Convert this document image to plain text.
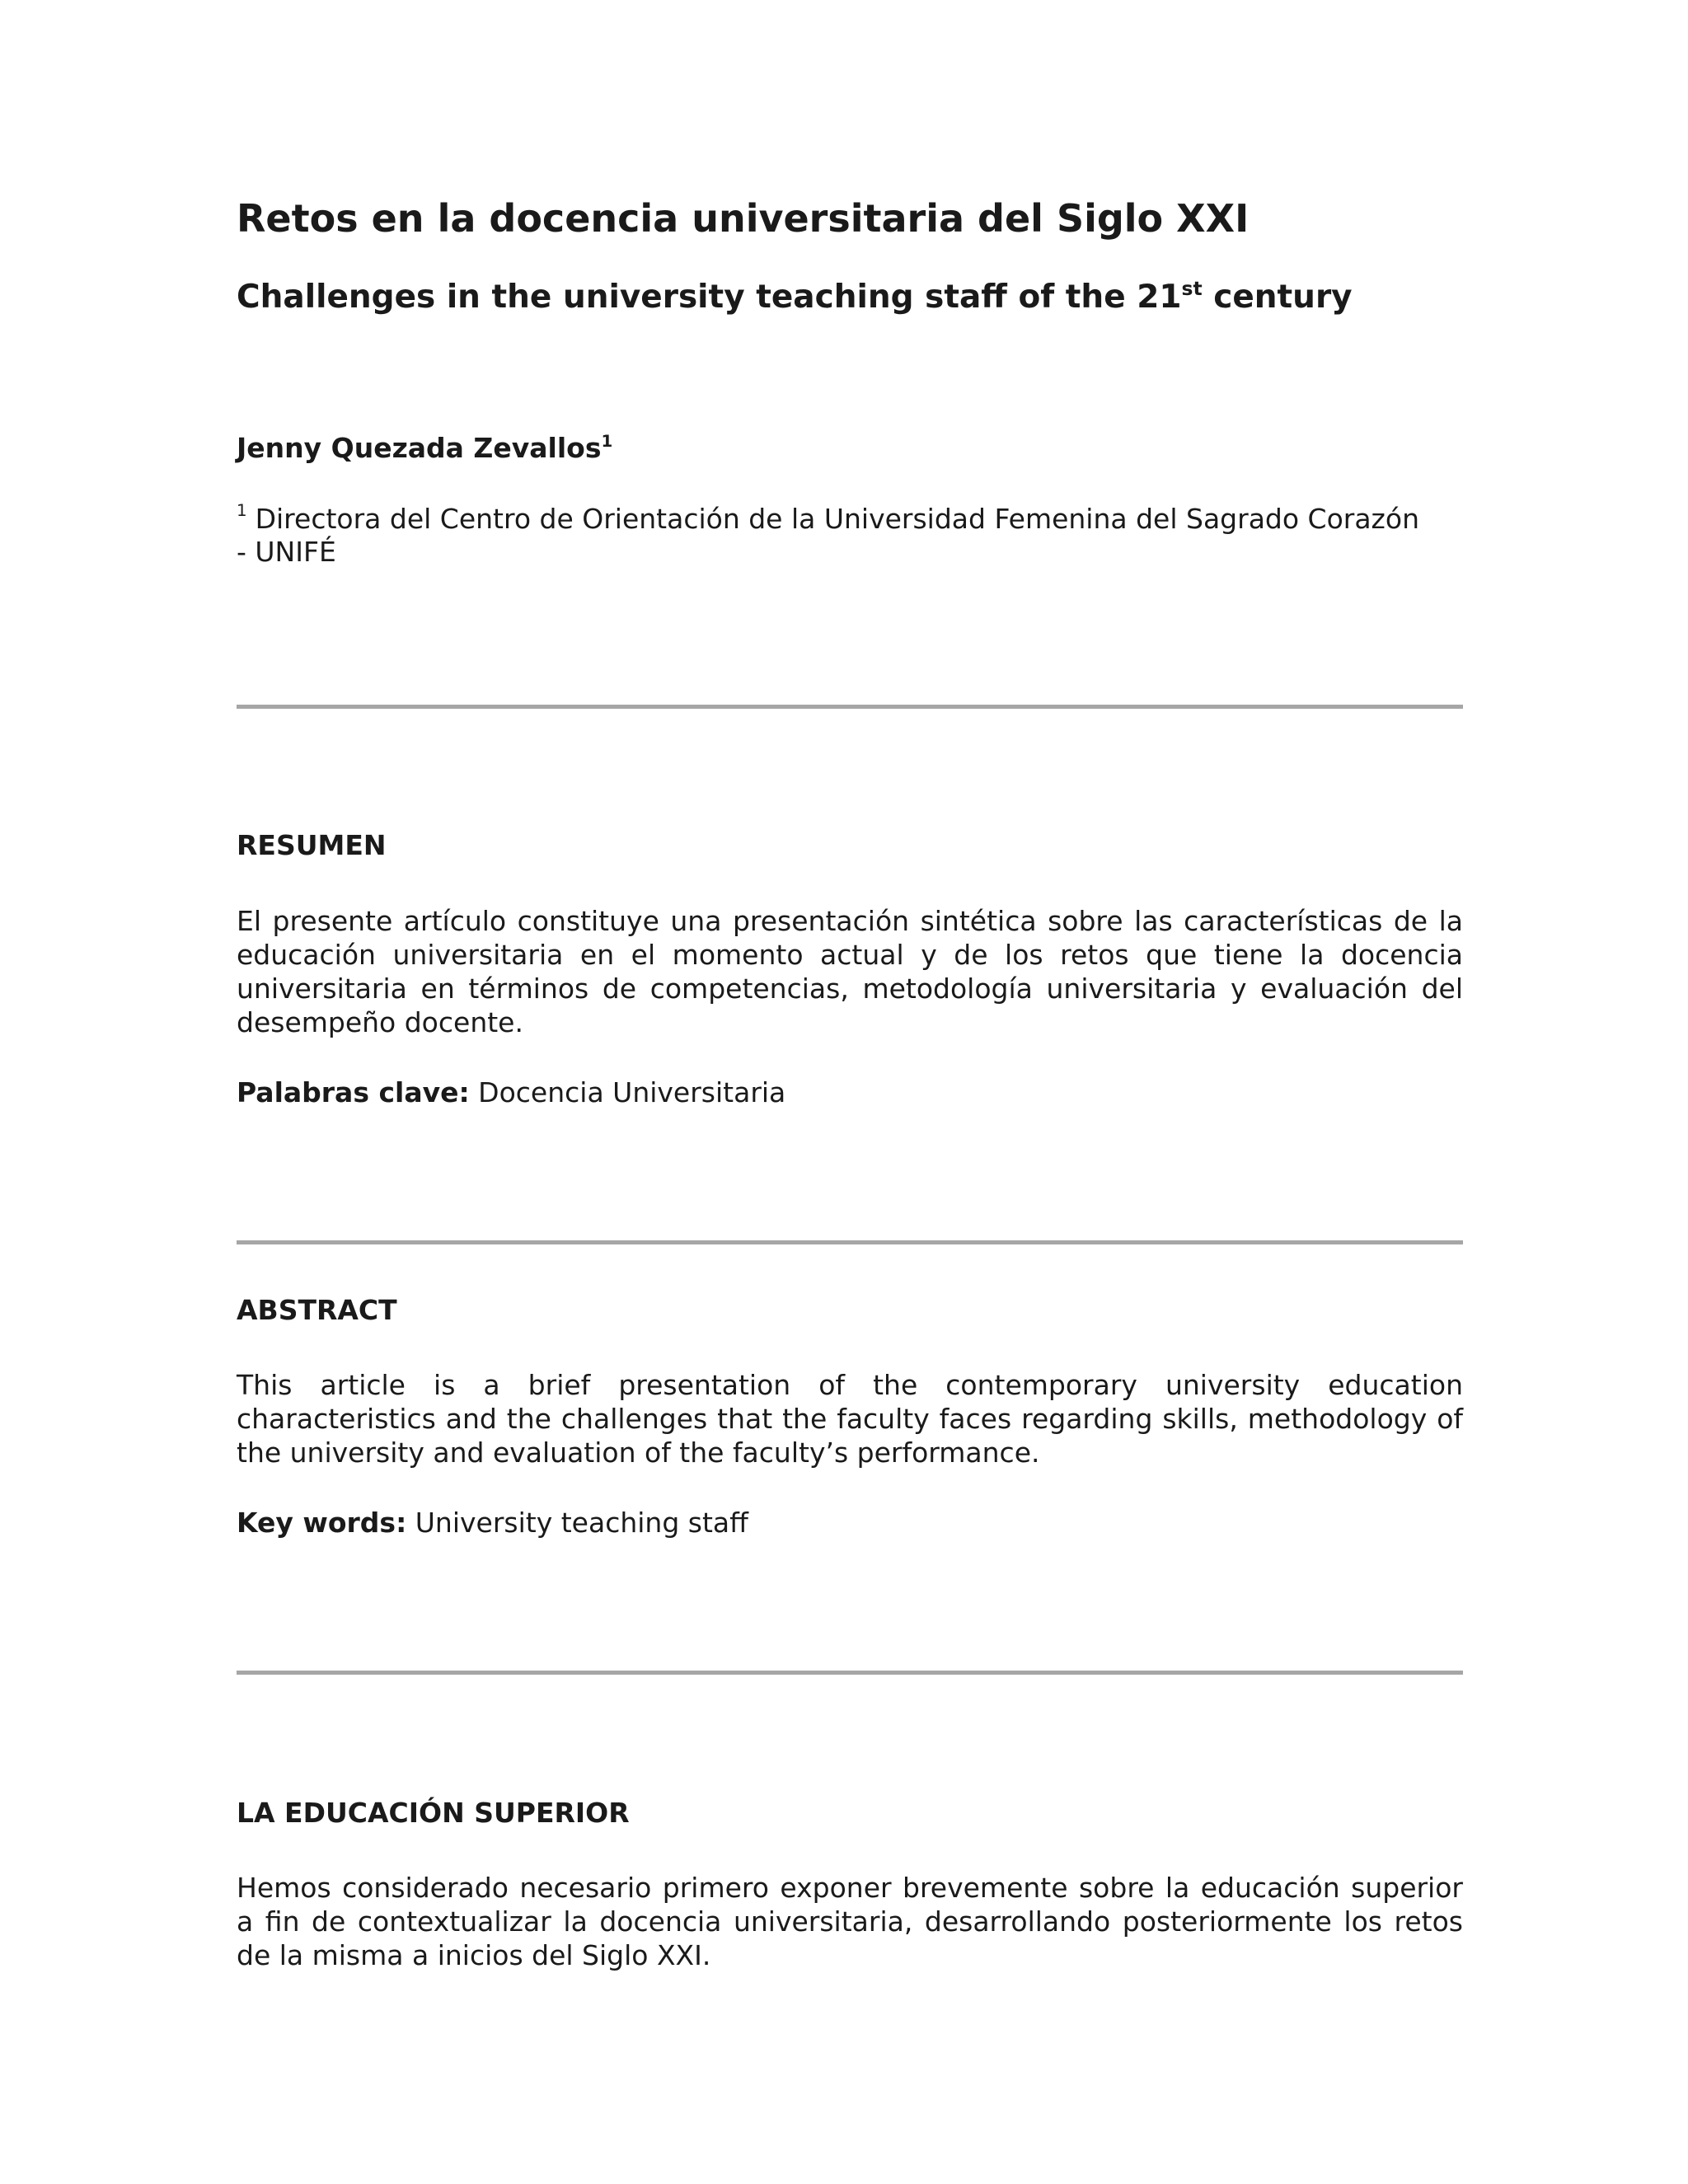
Retos en la docencia universitaria del Siglo XXI
Challenges in the university teaching staff of the 21st century
Jenny Quezada Zevallos$^1$
$^1$ Directora del Centro de Orientación de la Universidad Femenina del Sagrado Corazón
- UNIFÉ
RESUMEN

El presente artículo constituye una presentación sintética sobre las características de la educación universitaria en el momento actual y de los retos que tiene la docencia universitaria en términos de competencias, metodología universitaria y evaluación del desempeño docente.

Palabras clave: Docencia Universitaria
ABSTRACT

This article is a brief presentation of the contemporary university education characteristics and the challenges that the faculty faces regarding skills, methodology of the university and evaluation of the faculty’s performance.

Key words: University teaching staff
LA EDUCACIÓN SUPERIOR

Hemos considerado necesario primero exponer brevemente sobre la educación superior a fin de contextualizar la docencia universitaria, desarrollando posteriormente los retos de la misma a inicios del Siglo XXI.
